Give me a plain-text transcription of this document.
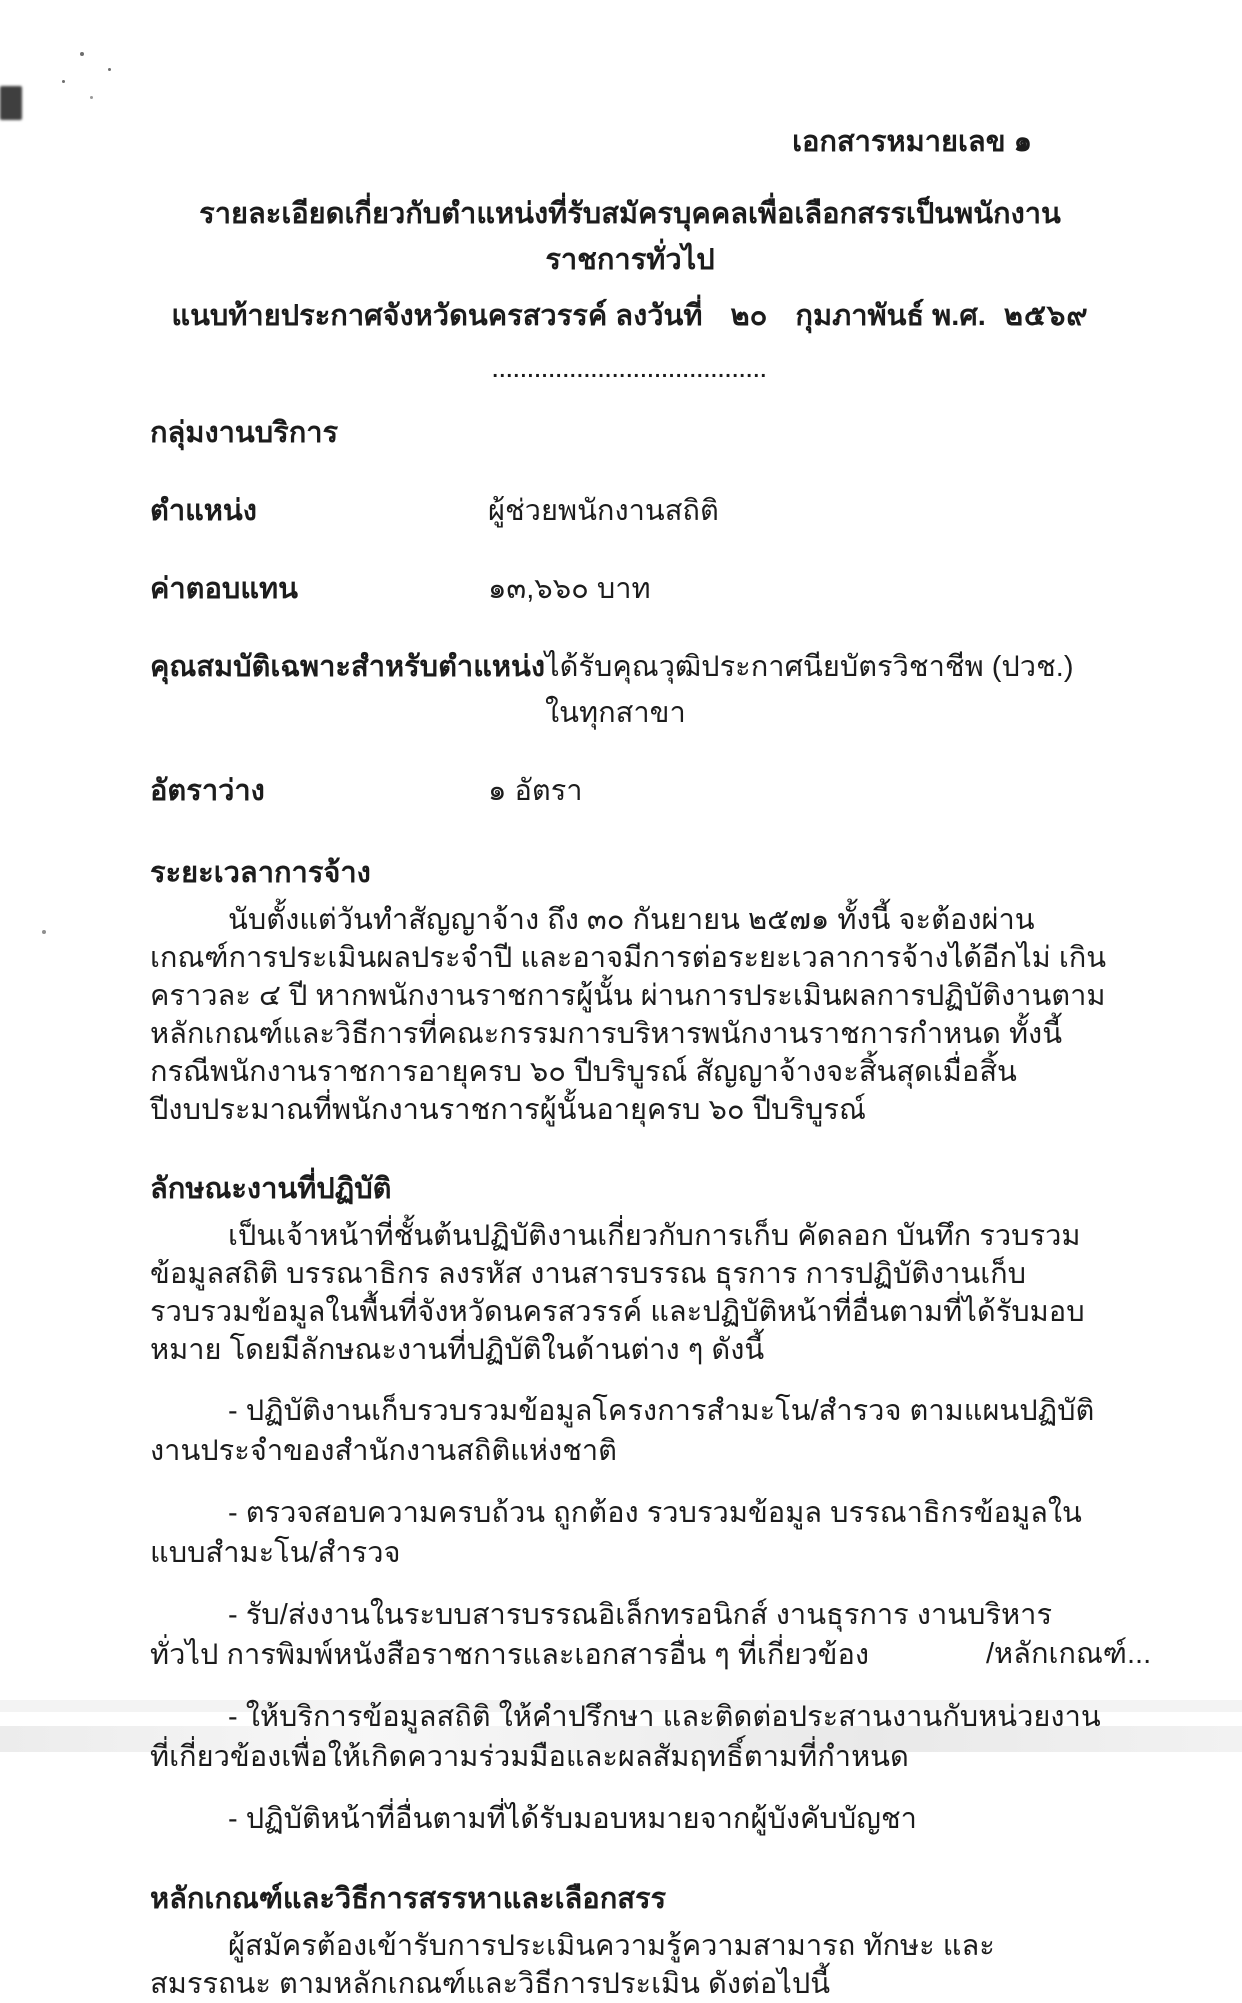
เอกสารหมายเลข ๑
รายละเอียดเกี่ยวกับตำแหน่งที่รับสมัครบุคคลเพื่อเลือกสรรเป็นพนักงานราชการทั่วไป
แนบท้ายประกาศจังหวัดนครสวรรค์ ลงวันที่ ๒๐ กุมภาพันธ์ พ.ศ. ๒๕๖๙
.......................................
กลุ่มงานบริการ
ตำแหน่ง	ผู้ช่วยพนักงานสถิติ
ค่าตอบแทน	๑๓,๖๖๐ บาท
คุณสมบัติเฉพาะสำหรับตำแหน่ง ได้รับคุณวุฒิประกาศนียบัตรวิชาชีพ (ปวช.) ในทุกสาขา
อัตราว่าง	๑ อัตรา
ระยะเวลาการจ้าง
นับตั้งแต่วันทำสัญญาจ้าง ถึง ๓๐ กันยายน ๒๕๗๑ ทั้งนี้ จะต้องผ่านเกณฑ์การประเมินผลประจำปี และอาจมีการต่อระยะเวลาการจ้างได้อีกไม่ เกินคราวละ ๔ ปี หากพนักงานราชการผู้นั้น ผ่านการประเมินผลการปฏิบัติงานตามหลักเกณฑ์และวิธีการที่คณะกรรมการบริหารพนักงานราชการกำหนด ทั้งนี้ กรณีพนักงานราชการอายุครบ ๖๐ ปีบริบูรณ์ สัญญาจ้างจะสิ้นสุดเมื่อสิ้นปีงบประมาณที่พนักงานราชการผู้นั้นอายุครบ ๖๐ ปีบริบูรณ์
ลักษณะงานที่ปฏิบัติ
เป็นเจ้าหน้าที่ชั้นต้นปฏิบัติงานเกี่ยวกับการเก็บ คัดลอก บันทึก รวบรวมข้อมูลสถิติ บรรณาธิกร ลงรหัส งานสารบรรณ ธุรการ การปฏิบัติงานเก็บรวบรวมข้อมูลในพื้นที่จังหวัดนครสวรรค์ และปฏิบัติหน้าที่อื่นตามที่ได้รับมอบหมาย โดยมีลักษณะงานที่ปฏิบัติในด้านต่าง ๆ ดังนี้
- ปฏิบัติงานเก็บรวบรวมข้อมูลโครงการสำมะโน/สำรวจ ตามแผนปฏิบัติงานประจำของสำนักงานสถิติแห่งชาติ
- ตรวจสอบความครบถ้วน ถูกต้อง รวบรวมข้อมูล บรรณาธิกรข้อมูลในแบบสำมะโน/สำรวจ
- รับ/ส่งงานในระบบสารบรรณอิเล็กทรอนิกส์ งานธุรการ งานบริหารทั่วไป การพิมพ์หนังสือราชการและเอกสารอื่น ๆ ที่เกี่ยวข้อง
- ให้บริการข้อมูลสถิติ ให้คำปรึกษา และติดต่อประสานงานกับหน่วยงานที่เกี่ยวข้องเพื่อให้เกิดความร่วมมือและผลสัมฤทธิ์ตามที่กำหนด
- ปฏิบัติหน้าที่อื่นตามที่ได้รับมอบหมายจากผู้บังคับบัญชา
หลักเกณฑ์และวิธีการสรรหาและเลือกสรร
ผู้สมัครต้องเข้ารับการประเมินความรู้ความสามารถ ทักษะ และสมรรถนะ ตามหลักเกณฑ์และวิธีการประเมิน ดังต่อไปนี้
/หลักเกณฑ์...
